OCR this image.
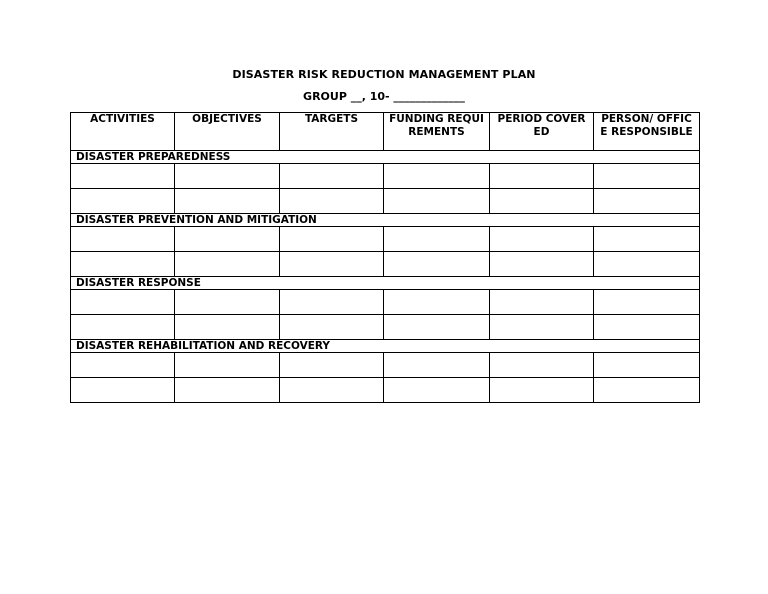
DISASTER RISK REDUCTION MANAGEMENT PLAN
GROUP __, 10- _____________
ACTIVITIES	OBJECTIVES	TARGETS	FUNDING REQUIREMENTS	PERIOD COVERED	PERSON/ OFFICE RESPONSIBLE
DISASTER PREPAREDNESS					

DISASTER PREVENTION AND MITIGATION					

DISASTER RESPONSE					

DISASTER REHABILITATION AND RECOVERY					
